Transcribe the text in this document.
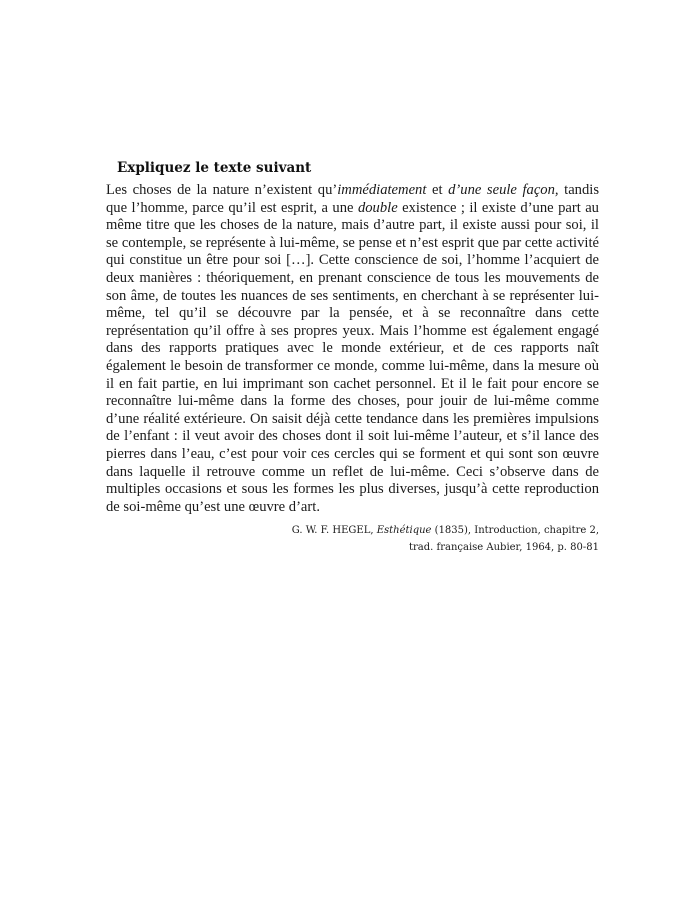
Expliquez le texte suivant

Les choses de la nature n’existent qu’immédiatement et d’une seule façon, tandis que l’homme, parce qu’il est esprit, a une double existence ; il existe d’une part au même titre que les choses de la nature, mais d’autre part, il existe aussi pour soi, il se contemple, se représente à lui-même, se pense et n’est esprit que par cette activité qui constitue un être pour soi […]. Cette conscience de soi, l’homme l’acquiert de deux manières : théoriquement, en prenant conscience de tous les mouvements de son âme, de toutes les nuances de ses sentiments, en cherchant à se représenter lui-même, tel qu’il se découvre par la pensée, et à se reconnaître dans cette représentation qu’il offre à ses propres yeux. Mais l’homme est également engagé dans des rapports pratiques avec le monde extérieur, et de ces rapports naît également le besoin de transformer ce monde, comme lui-même, dans la mesure où il en fait partie, en lui imprimant son cachet personnel. Et il le fait pour encore se reconnaître lui-même dans la forme des choses, pour jouir de lui-même comme d’une réalité extérieure. On saisit déjà cette tendance dans les premières impulsions de l’enfant : il veut avoir des choses dont il soit lui-même l’auteur, et s’il lance des pierres dans l’eau, c’est pour voir ces cercles qui se forment et qui sont son œuvre dans laquelle il retrouve comme un reflet de lui-même. Ceci s’observe dans de multiples occasions et sous les formes les plus diverses, jusqu’à cette reproduction de soi-même qu’est une œuvre d’art.

G. W. F. HEGEL, Esthétique (1835), Introduction, chapitre 2,
trad. française Aubier, 1964, p. 80-81
